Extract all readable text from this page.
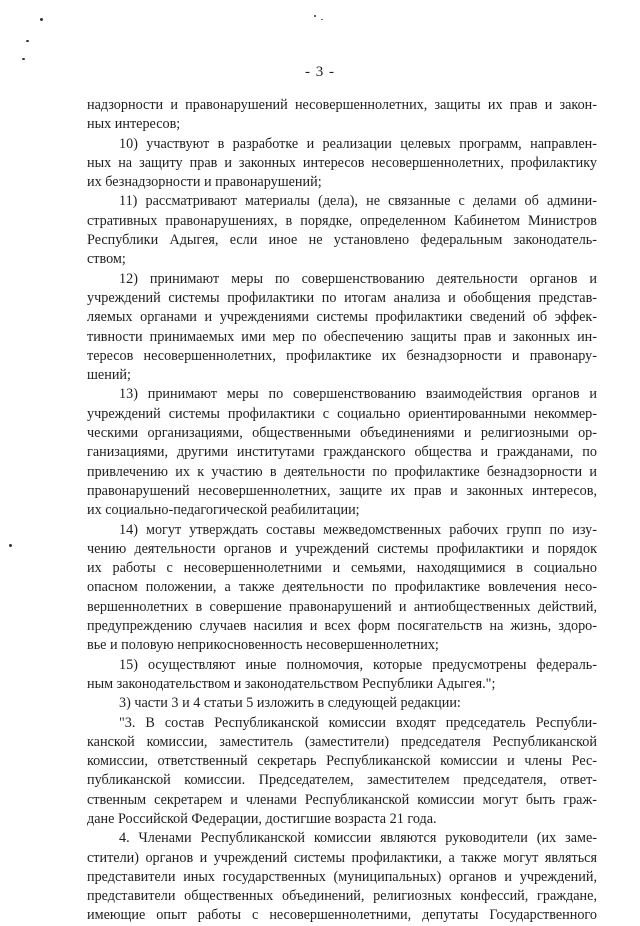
- 3 -

надзорности и правонарушений несовершеннолетних, защиты их прав и закон-
ных интересов;

10) участвуют в разработке и реализации целевых программ, направлен-
ных на защиту прав и законных интересов несовершеннолетних, профилактику
их безнадзорности и правонарушений;

11) рассматривают материалы (дела), не связанные с делами об админи-
стративных правонарушениях, в порядке, определенном Кабинетом Министров
Республики Адыгея, если иное не установлено федеральным законодатель-
ством;

12) принимают меры по совершенствованию деятельности органов и
учреждений системы профилактики по итогам анализа и обобщения представ-
ляемых органами и учреждениями системы профилактики сведений об эффек-
тивности принимаемых ими мер по обеспечению защиты прав и законных ин-
тересов несовершеннолетних, профилактике их безнадзорности и правонару-
шений;

13) принимают меры по совершенствованию взаимодействия органов и
учреждений системы профилактики с социально ориентированными некоммер-
ческими организациями, общественными объединениями и религиозными ор-
ганизациями, другими институтами гражданского общества и гражданами, по
привлечению их к участию в деятельности по профилактике безнадзорности и
правонарушений несовершеннолетних, защите их прав и законных интересов,
их социально-педагогической реабилитации;

14) могут утверждать составы межведомственных рабочих групп по изу-
чению деятельности органов и учреждений системы профилактики и порядок
их работы с несовершеннолетними и семьями, находящимися в социально
опасном положении, а также деятельности по профилактике вовлечения несо-
вершеннолетних в совершение правонарушений и антиобщественных действий,
предупреждению случаев насилия и всех форм посягательств на жизнь, здоро-
вье и половую неприкосновенность несовершеннолетних;

15) осуществляют иные полномочия, которые предусмотрены федераль-
ным законодательством и законодательством Республики Адыгея.";

3) части 3 и 4 статьи 5 изложить в следующей редакции:

"3. В состав Республиканской комиссии входят председатель Республи-
канской комиссии, заместитель (заместители) председателя Республиканской
комиссии, ответственный секретарь Республиканской комиссии и члены Рес-
публиканской комиссии. Председателем, заместителем председателя, ответ-
ственным секретарем и членами Республиканской комиссии могут быть граж-
дане Российской Федерации, достигшие возраста 21 года.

4. Членами Республиканской комиссии являются руководители (их заме-
стители) органов и учреждений системы профилактики, а также могут являться
представители иных государственных (муниципальных) органов и учреждений,
представители общественных объединений, религиозных конфессий, граждане,
имеющие опыт работы с несовершеннолетними, депутаты Государственного
